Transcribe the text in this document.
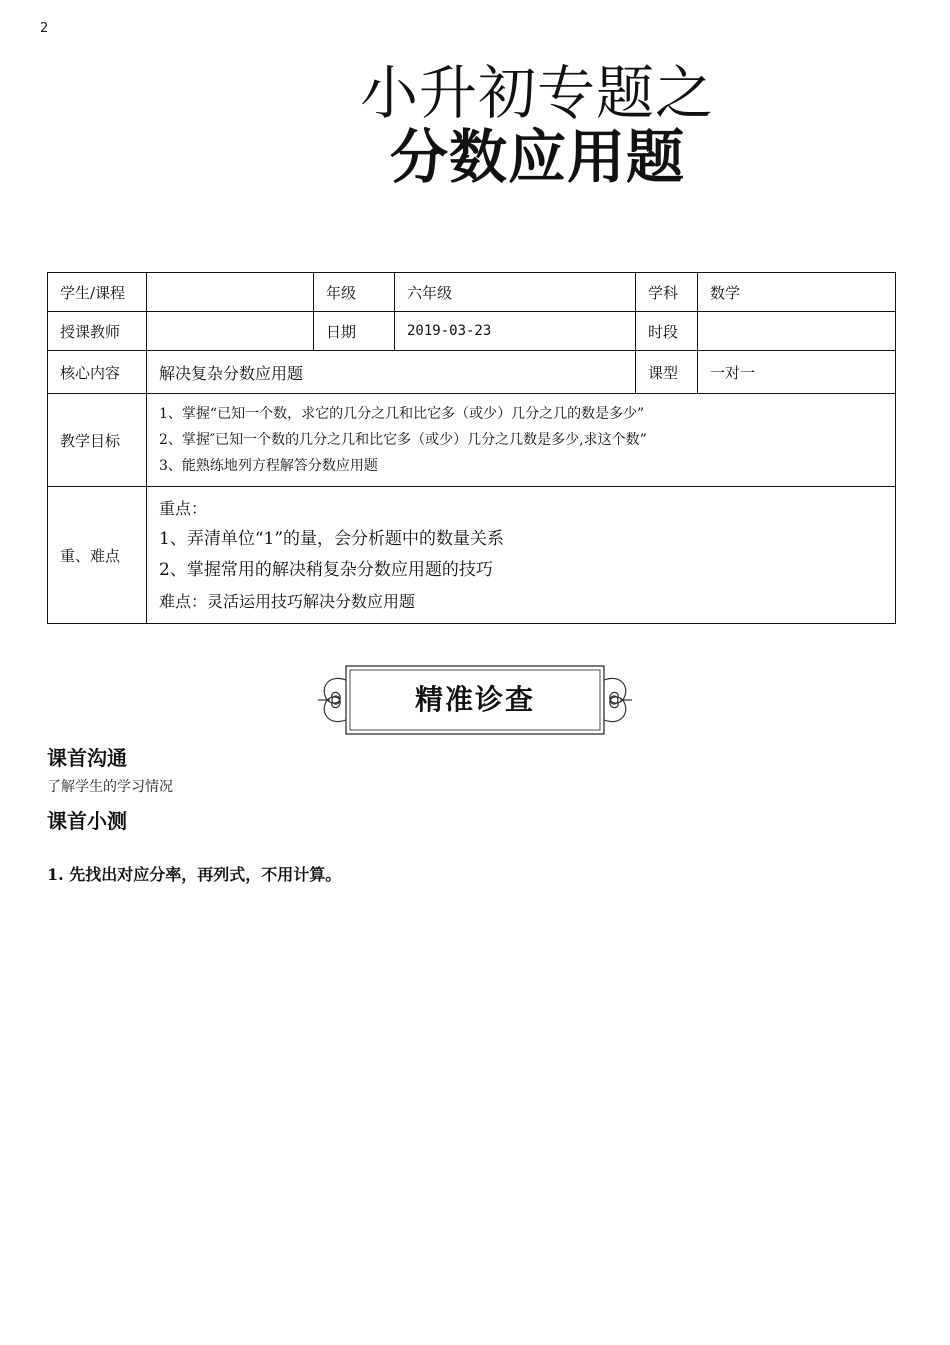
2
小升初专题之
分数应用题
学生/课程		年级	六年级	学科	数学
授课教师		日期	2019-03-23	时段	
核心内容	解决复杂分数应用题			课型	一对一
教学目标	1、掌握“已知一个数，求它的几分之几和比它多（或少）几分之几的数是多少”
2、掌握″已知一个数的几分之几和比它多（或少）几分之几数是多少,求这个数”
3、能熟练地列方程解答分数应用题				

重、难点	重点：
1、弄清单位“1”的量，会分析题中的数量关系
2、掌握常用的解决稍复杂分数应用题的技巧
难点：灵活运用技巧解决分数应用题				
精准诊查
课首沟通
了解学生的学习情况
课首小测
1. 先找出对应分率，再列式，不用计算。
